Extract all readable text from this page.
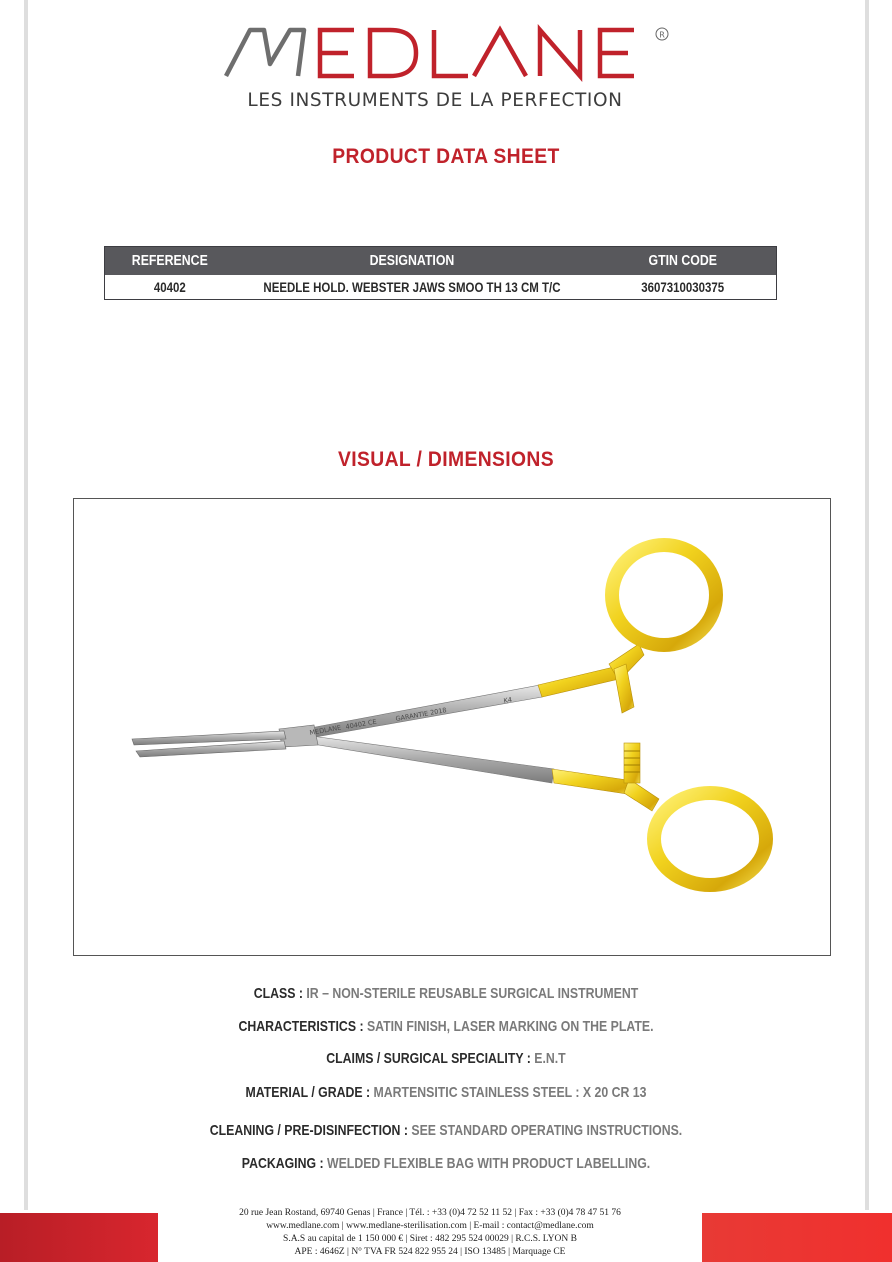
R
LES INSTRUMENTS DE LA PERFECTION
PRODUCT DATA SHEET
REFERENCE	DESIGNATION	GTIN CODE
40402	NEEDLE HOLD. WEBSTER JAWS SMOO TH 13 CM T/C	3607310030375
VISUAL / DIMENSIONS
MEDLANE 40402 CE
GARANTIE 2018
K4
CLASS : IR – NON-STERILE REUSABLE SURGICAL INSTRUMENT
CHARACTERISTICS : SATIN FINISH, LASER MARKING ON THE PLATE.
CLAIMS / SURGICAL SPECIALITY : E.N.T
MATERIAL / GRADE : MARTENSITIC STAINLESS STEEL : X 20 CR 13
CLEANING / PRE-DISINFECTION : SEE STANDARD OPERATING INSTRUCTIONS.
PACKAGING : WELDED FLEXIBLE BAG WITH PRODUCT LABELLING.
20 rue Jean Rostand, 69740 Genas | France | Tél. : +33 (0)4 72 52 11 52 | Fax : +33 (0)4 78 47 51 76
www.medlane.com | www.medlane-sterilisation.com | E-mail : contact@medlane.com
S.A.S au capital de 1 150 000 € | Siret : 482 295 524 00029 | R.C.S. LYON B
APE : 4646Z | N° TVA FR 524 822 955 24 | ISO 13485 | Marquage CE
